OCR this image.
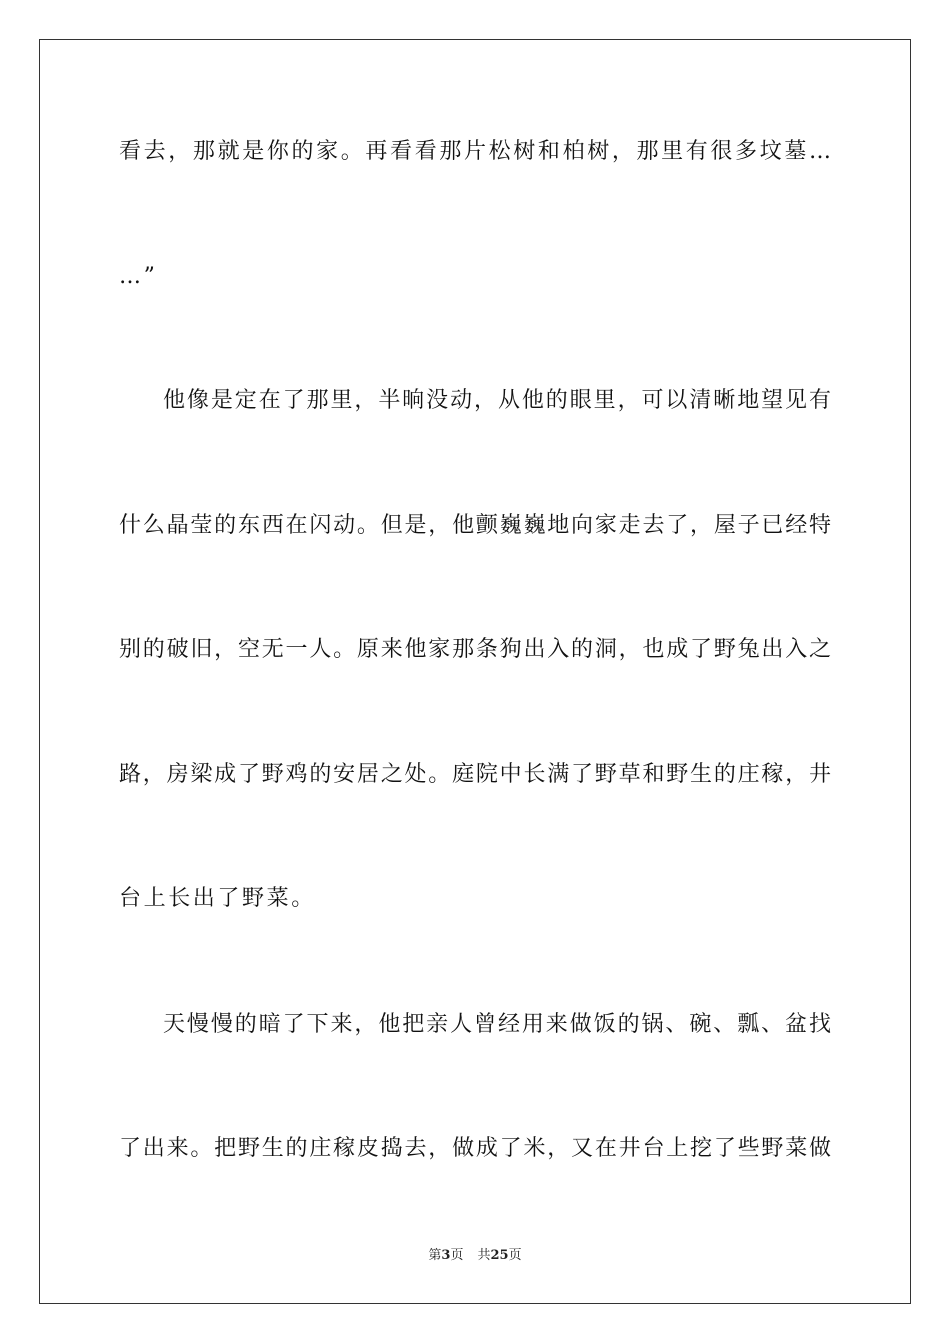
看去，那就是你的家。再看看那片松树和柏树，那里有很多坟墓…
…”
他像是定在了那里，半晌没动，从他的眼里，可以清晰地望见有
什么晶莹的东西在闪动。但是，他颤巍巍地向家走去了，屋子已经特
别的破旧，空无一人。原来他家那条狗出入的洞，也成了野兔出入之
路，房梁成了野鸡的安居之处。庭院中长满了野草和野生的庄稼，井
台上长出了野菜。
天慢慢的暗了下来，他把亲人曾经用来做饭的锅、碗、瓢、盆找
了出来。把野生的庄稼皮捣去，做成了米，又在井台上挖了些野菜做
第3页 共25页
